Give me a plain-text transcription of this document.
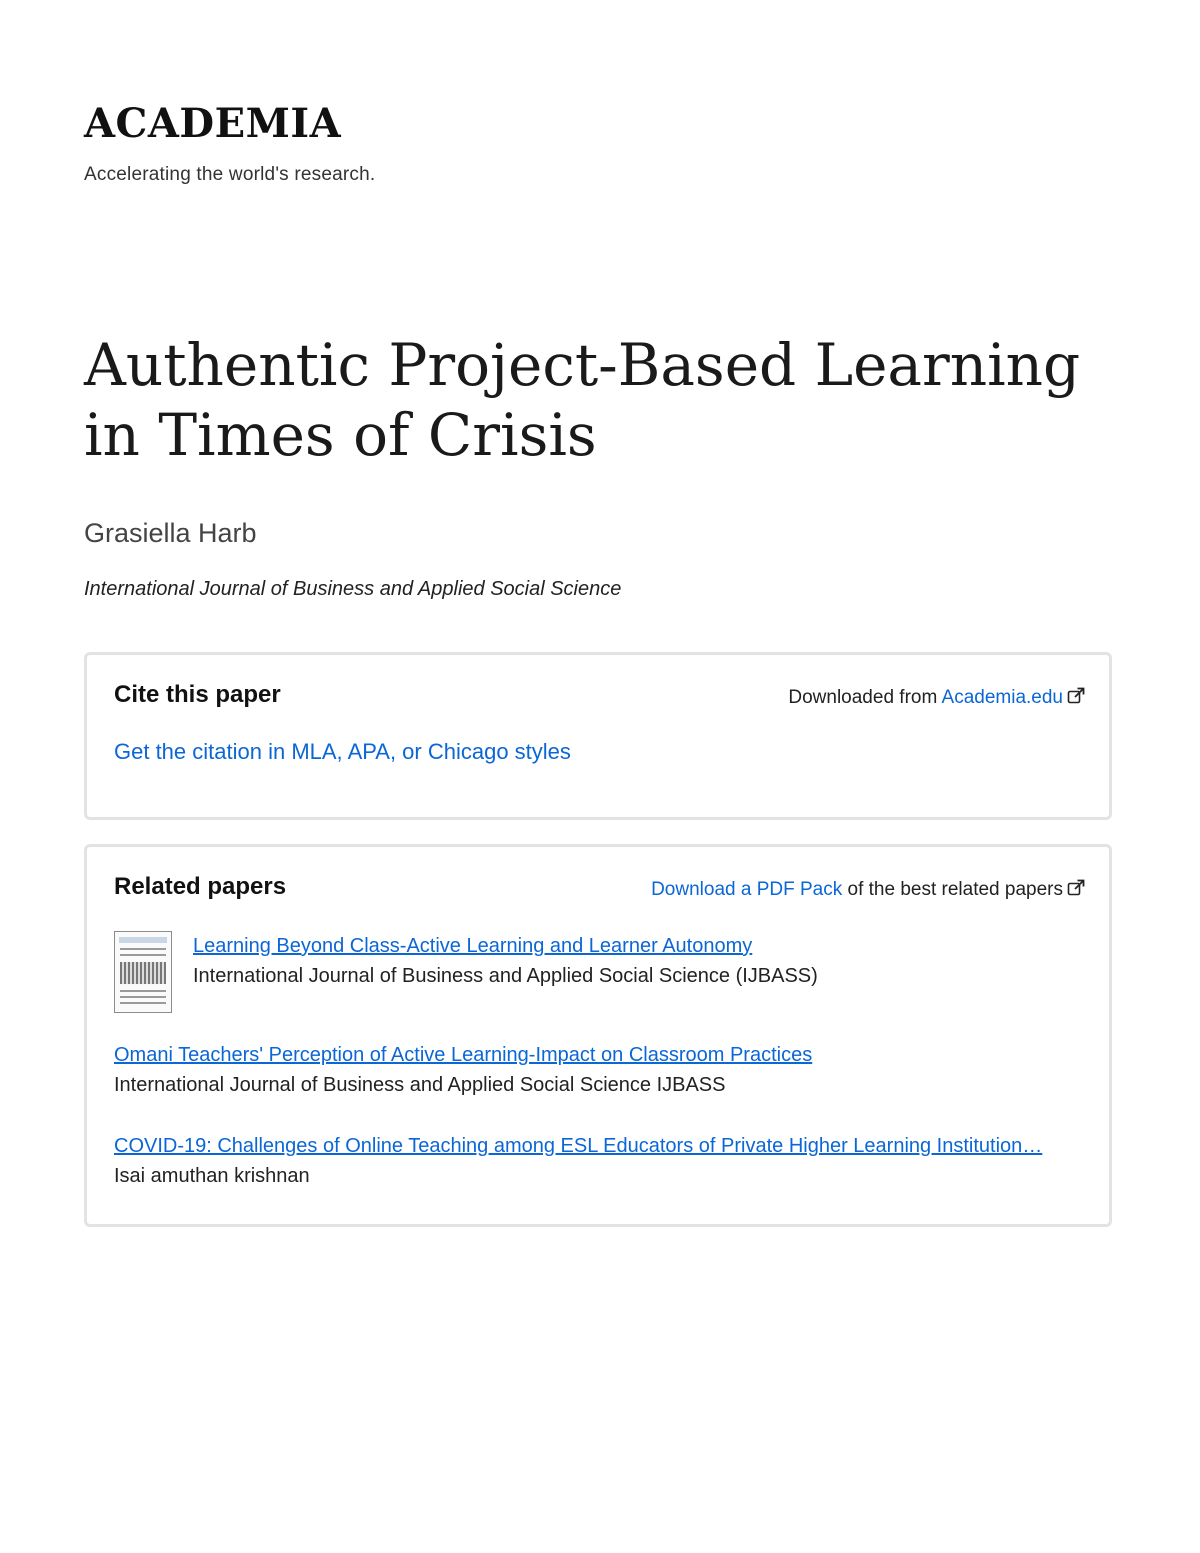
ACADEMIA
Accelerating the world's research.
Authentic Project-Based Learning in Times of Crisis
Grasiella Harb
International Journal of Business and Applied Social Science
Cite this paper	Downloaded from Academia.edu
Get the citation in MLA, APA, or Chicago styles
Related papers	Download a PDF Pack of the best related papers
Learning Beyond Class-Active Learning and Learner Autonomy
International Journal of Business and Applied Social Science (IJBASS)
Omani Teachers' Perception of Active Learning-Impact on Classroom Practices
International Journal of Business and Applied Social Science IJBASS
COVID-19: Challenges of Online Teaching among ESL Educators of Private Higher Learning Institution…
Isai amuthan krishnan
